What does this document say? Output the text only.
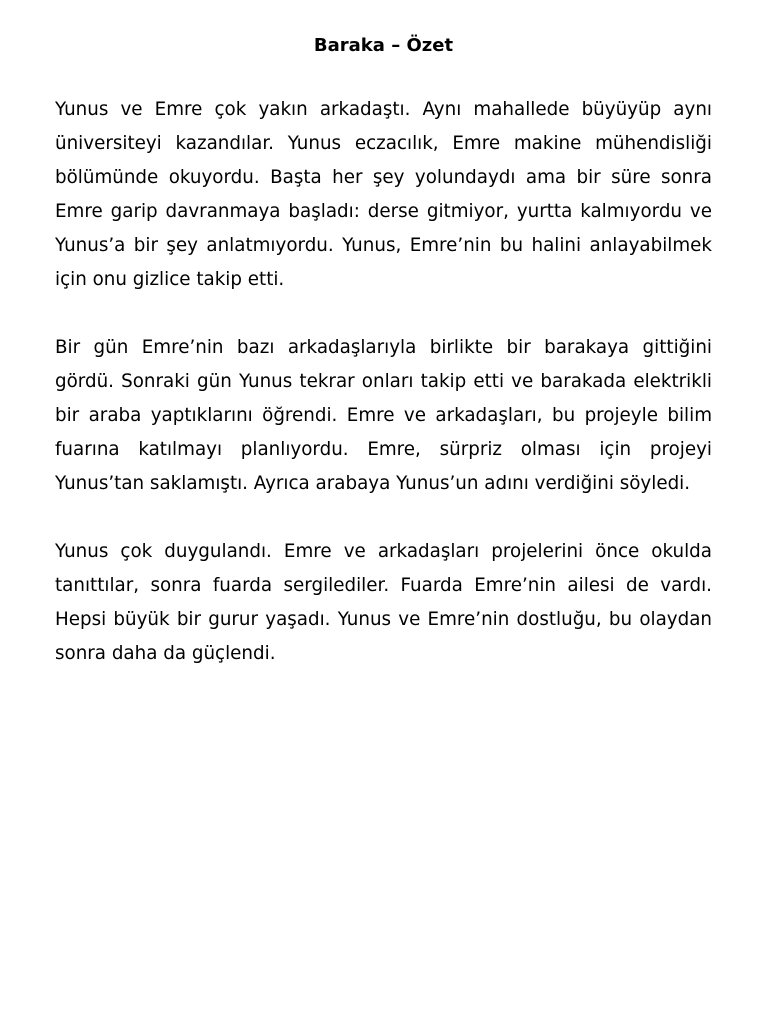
Baraka – Özet

Yunus ve Emre çok yakın arkadaştı. Aynı mahallede büyüyüp aynı üniversiteyi kazandılar. Yunus eczacılık, Emre makine mühendisliği bölümünde okuyordu. Başta her şey yolundaydı ama bir süre sonra Emre garip davranmaya başladı: derse gitmiyor, yurtta kalmıyordu ve Yunus’a bir şey anlatmıyordu. Yunus, Emre’nin bu halini anlayabilmek için onu gizlice takip etti.

Bir gün Emre’nin bazı arkadaşlarıyla birlikte bir barakaya gittiğini gördü. Sonraki gün Yunus tekrar onları takip etti ve barakada elektrikli bir araba yaptıklarını öğrendi. Emre ve arkadaşları, bu projeyle bilim fuarına katılmayı planlıyordu. Emre, sürpriz olması için projeyi Yunus’tan saklamıştı. Ayrıca arabaya Yunus’un adını verdiğini söyledi.

Yunus çok duygulandı. Emre ve arkadaşları projelerini önce okulda tanıttılar, sonra fuarda sergilediler. Fuarda Emre’nin ailesi de vardı. Hepsi büyük bir gurur yaşadı. Yunus ve Emre’nin dostluğu, bu olaydan sonra daha da güçlendi.
